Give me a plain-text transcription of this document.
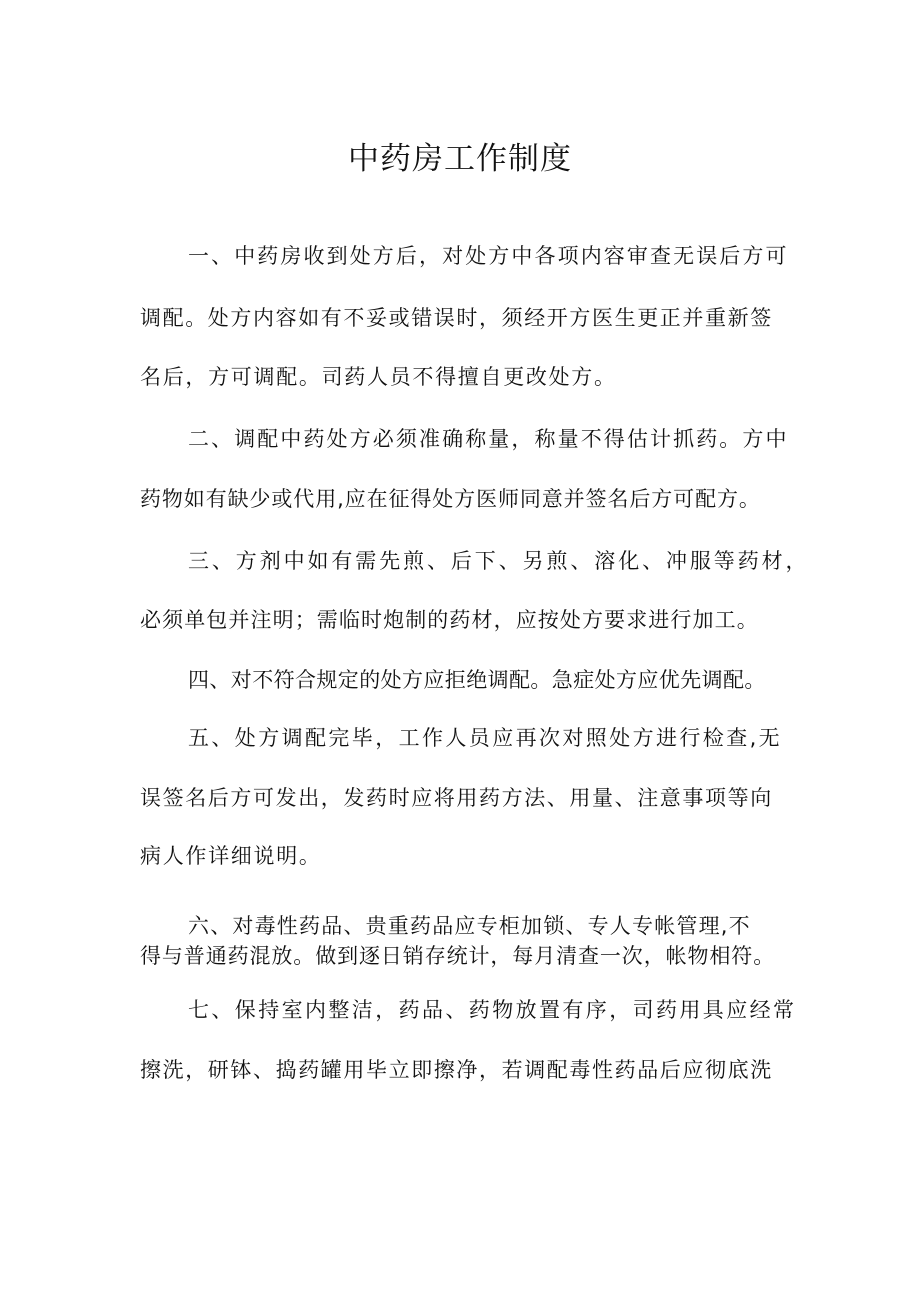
中药房工作制度
一、中药房收到处方后，对处方中各项内容审查无误后方可
调配。处方内容如有不妥或错误时，须经开方医生更正并重新签
名后，方可调配。司药人员不得擅自更改处方。
二、调配中药处方必须准确称量，称量不得估计抓药。方中
药物如有缺少或代用,应在征得处方医师同意并签名后方可配方。
三、方剂中如有需先煎、后下、另煎、溶化、冲服等药材，
必须单包并注明；需临时炮制的药材，应按处方要求进行加工。
四、对不符合规定的处方应拒绝调配。急症处方应优先调配。
五、处方调配完毕，工作人员应再次对照处方进行检查,无
误签名后方可发出，发药时应将用药方法、用量、注意事项等向
病人作详细说明。
六、对毒性药品、贵重药品应专柜加锁、专人专帐管理,不
得与普通药混放。做到逐日销存统计，每月清查一次，帐物相符。
七、保持室内整洁，药品、药物放置有序，司药用具应经常
擦洗，研钵、捣药罐用毕立即擦净，若调配毒性药品后应彻底洗
